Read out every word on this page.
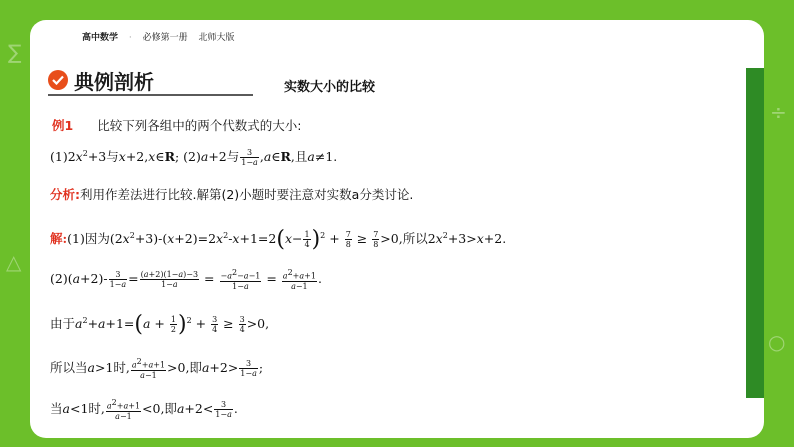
∑
△
÷
○
高中数学 · 必修第一册 北师大版
典例剖析	实数大小的比较
例1 比较下列各组中的两个代数式的大小:
$(1)2x^2+3$与x+2,x∈R; (2)a+2与 $\frac{3}{1-a}$ ,a∈R,且a≠1.
分析:利用作差法进行比较.解第(2)小题时要注意对实数a分类讨论.
解:(1)因为$(2x^2+3)-(x+2)=2x^2-x+1=2(x- \frac{1}{4} )^2 + \frac{7}{8} \ge \frac{7}{8} >0$,所以$2x^2+3>x+2$.
$(2)(a+2)- \frac{3}{1-a} = \frac{(a+2)(1-a)-3}{1-a} = \frac{-a^2-a-1}{1-a} = \frac{a^2+a+1}{a-1}$ .
由于$a^2+a+1=(a + \frac{1}{2} )^2 + \frac{3}{4} \ge \frac{3}{4} >0$,
所以当a>1时, $\frac{a^2+a+1}{a-1} >0$,即$a+2> \frac{3}{1-a}$ ;
当a<1时, $\frac{a^2+a+1}{a-1} <0$,即$a+2< \frac{3}{1-a}$ .
